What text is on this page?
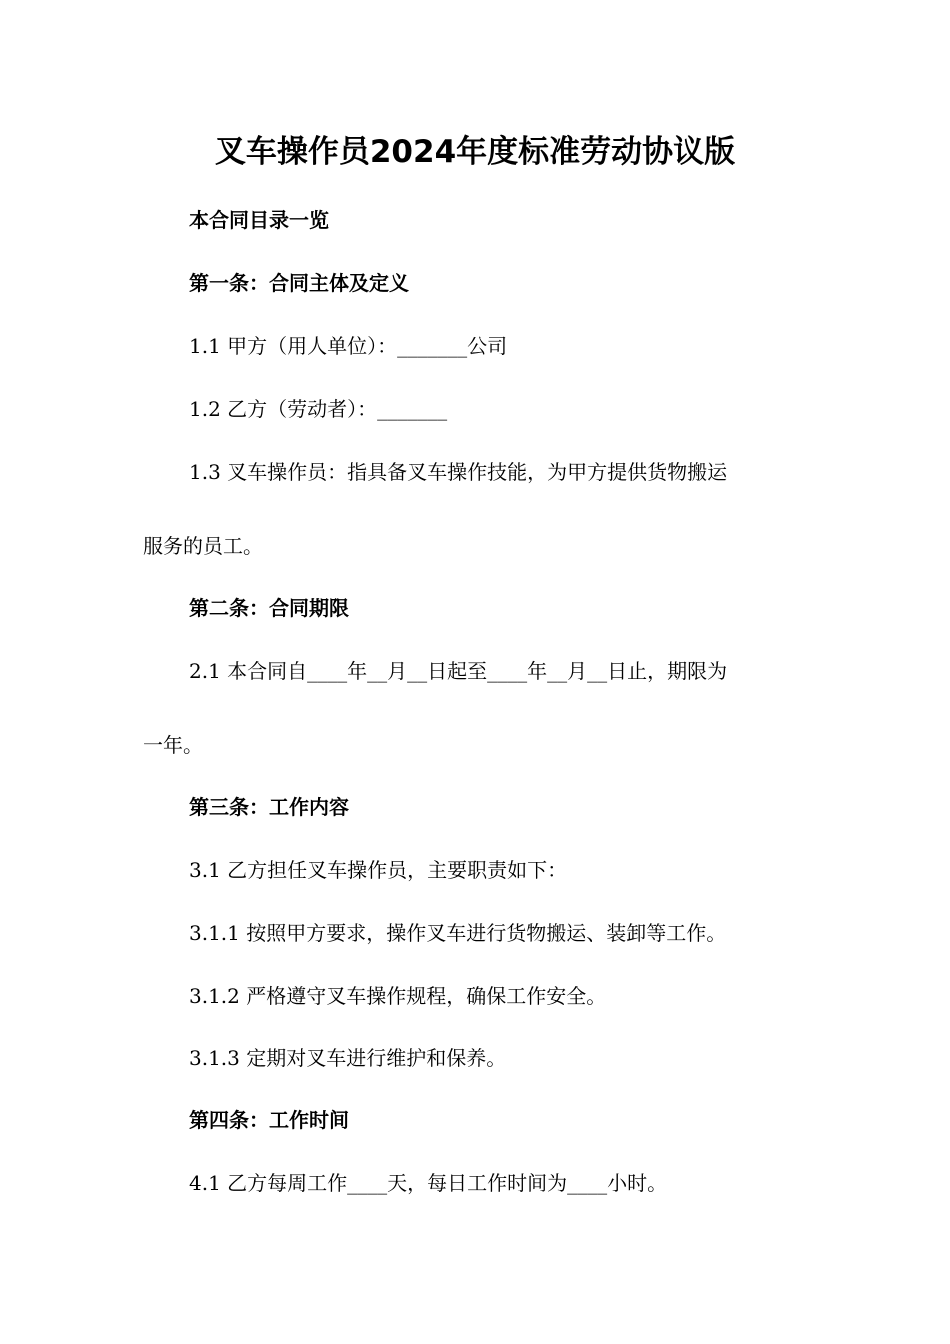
叉车操作员2024年度标准劳动协议版
本合同目录一览
第一条：合同主体及定义
1.1 甲方（用人单位）：_______公司
1.2 乙方（劳动者）：_______
1.3 叉车操作员：指具备叉车操作技能，为甲方提供货物搬运
服务的员工。
第二条：合同期限
2.1 本合同自____年__月__日起至____年__月__日止，期限为
一年。
第三条：工作内容
3.1 乙方担任叉车操作员，主要职责如下：
3.1.1 按照甲方要求，操作叉车进行货物搬运、装卸等工作。
3.1.2 严格遵守叉车操作规程，确保工作安全。
3.1.3 定期对叉车进行维护和保养。
第四条：工作时间
4.1 乙方每周工作____天，每日工作时间为____小时。
